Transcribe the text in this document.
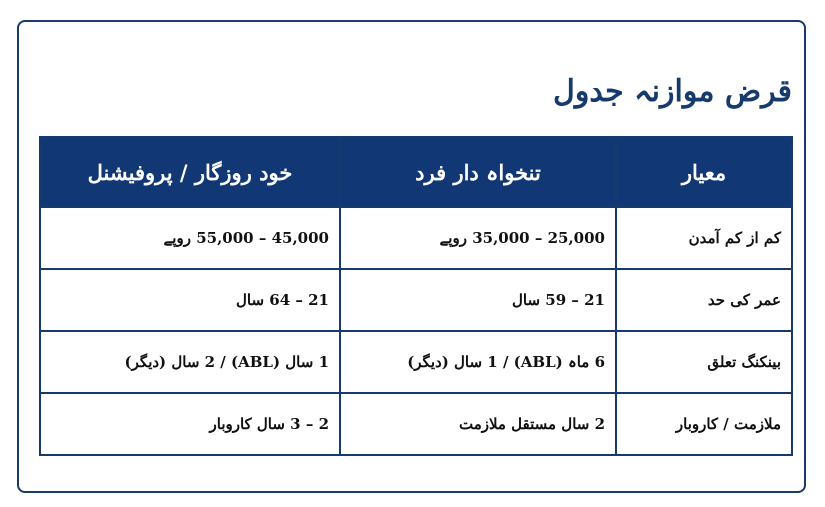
قرض موازنہ جدول
معیار	تنخواہ دار فرد	خود روزگار / پروفیشنل
کم از کم آمدن	25,000 – 35,000 روپے	45,000 – 55,000 روپے
عمر کی حد	21 – 59 سال	21 – 64 سال
بینکنگ تعلق	6 ماہ (ABL) / 1 سال (دیگر)	1 سال (ABL) / 2 سال (دیگر)
ملازمت / کاروبار	2 سال مستقل ملازمت	2 – 3 سال کاروبار
